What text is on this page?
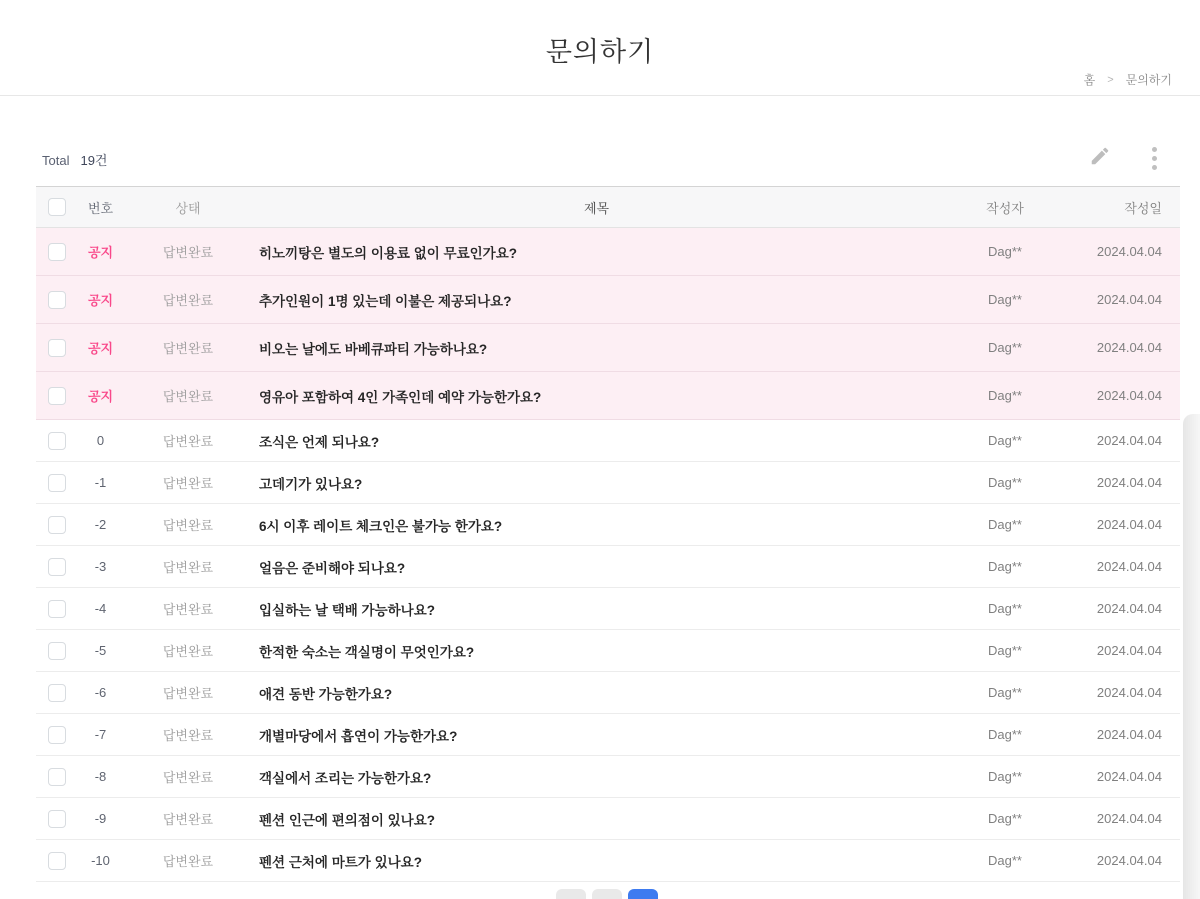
문의하기
홈 > 문의하기
Total 19건
번호	상태	제목	작성자	작성일
공지	답변완료	히노끼탕은 별도의 이용료 없이 무료인가요?	Dag**	2024.04.04
공지	답변완료	추가인원이 1명 있는데 이불은 제공되나요?	Dag**	2024.04.04
공지	답변완료	비오는 날에도 바베큐파티 가능하나요?	Dag**	2024.04.04
공지	답변완료	영유아 포함하여 4인 가족인데 예약 가능한가요?	Dag**	2024.04.04
0	답변완료	조식은 언제 되나요?	Dag**	2024.04.04
-1	답변완료	고데기가 있나요?	Dag**	2024.04.04
-2	답변완료	6시 이후 레이트 체크인은 불가능 한가요?	Dag**	2024.04.04
-3	답변완료	얼음은 준비해야 되나요?	Dag**	2024.04.04
-4	답변완료	입실하는 날 택배 가능하나요?	Dag**	2024.04.04
-5	답변완료	한적한 숙소는 객실명이 무엇인가요?	Dag**	2024.04.04
-6	답변완료	애견 동반 가능한가요?	Dag**	2024.04.04
-7	답변완료	개별마당에서 흡연이 가능한가요?	Dag**	2024.04.04
-8	답변완료	객실에서 조리는 가능한가요?	Dag**	2024.04.04
-9	답변완료	펜션 인근에 편의점이 있나요?	Dag**	2024.04.04
-10	답변완료	펜션 근처에 마트가 있나요?	Dag**	2024.04.04
